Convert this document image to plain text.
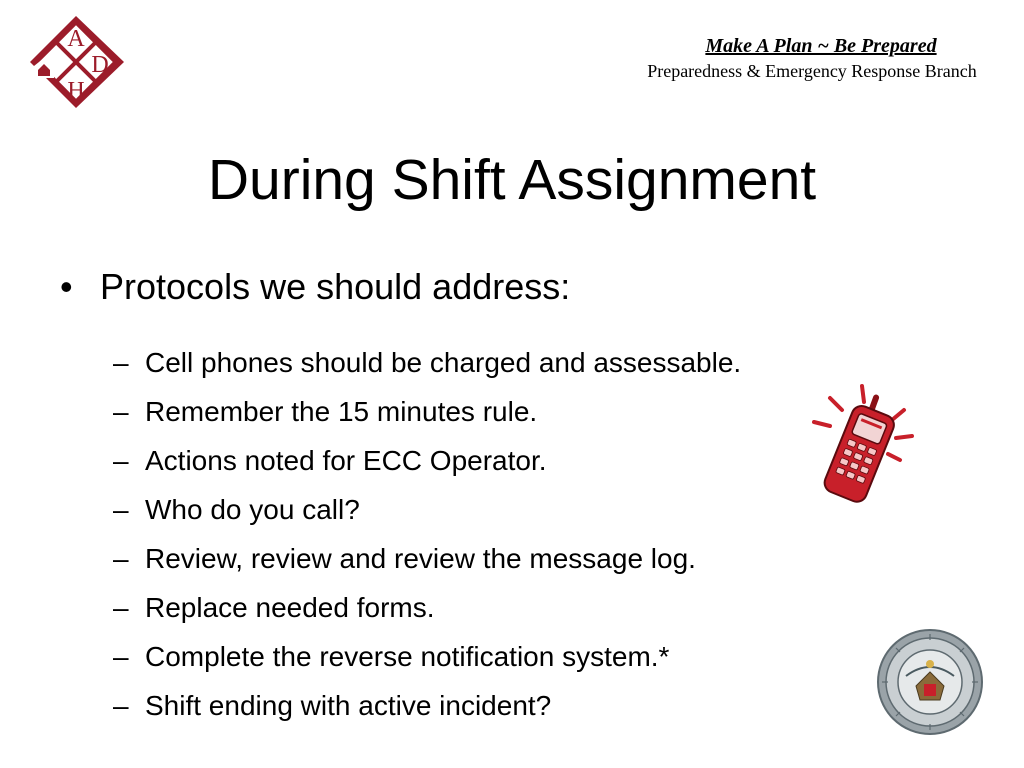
A
D
H
Make A Plan ~ Be Prepared
Preparedness & Emergency Response Branch
During Shift Assignment
• Protocols we should address:
– Cell phones should be charged and assessable.
– Remember the 15 minutes rule.
– Actions noted for ECC Operator.
– Who do you call?
– Review, review and review the message log.
– Replace needed forms.
– Complete the reverse notification system.*
– Shift ending with active incident?
